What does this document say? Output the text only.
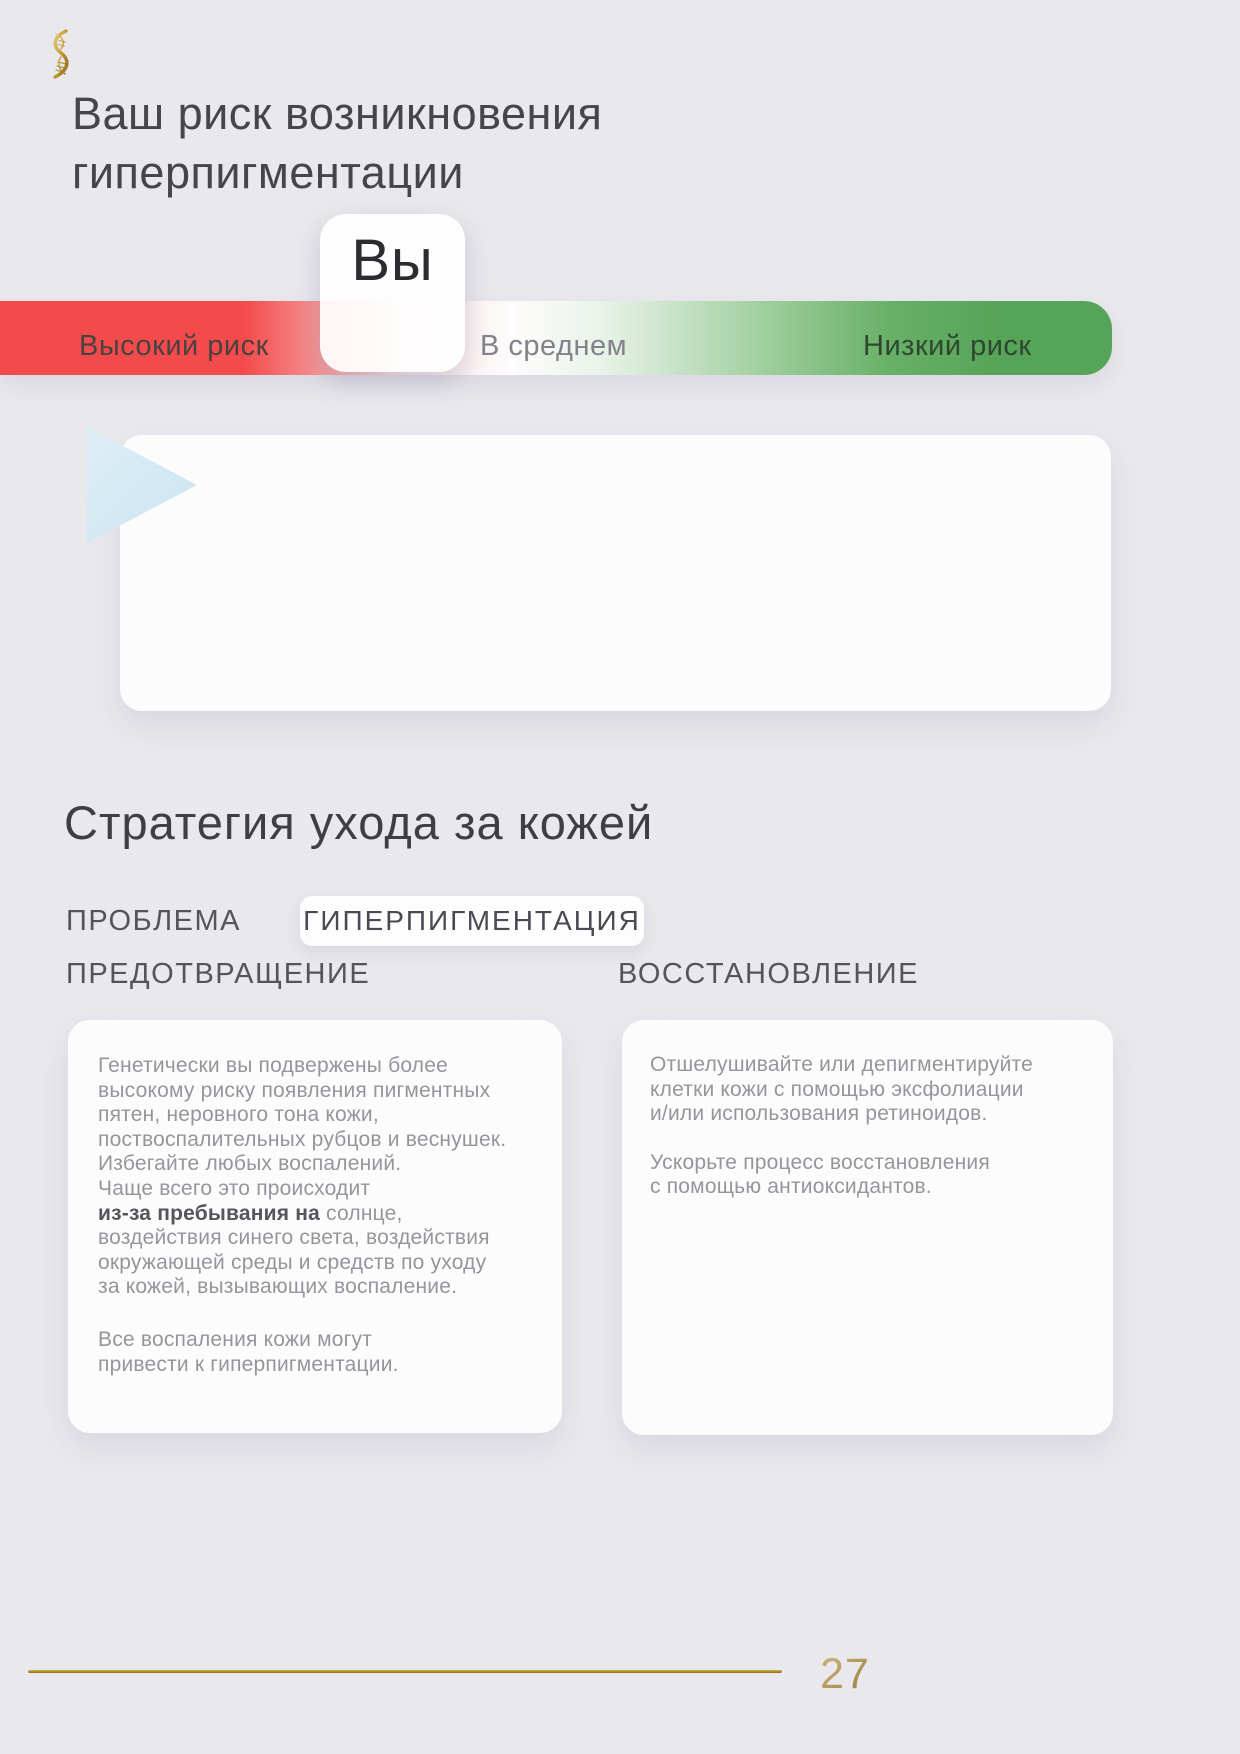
Ваш риск возникновения
гиперпигментации
Высокий риск	В среднем	Низкий риск
Вы
Стратегия ухода за кожей
ПРОБЛЕМА ГИПЕРПИГМЕНТАЦИЯ
ПРЕДОТВРАЩЕНИЕ	ВОССТАНОВЛЕНИЕ
Генетически вы подвержены более
высокому риску появления пигментных
пятен, неровного тона кожи,
поствоспалительных рубцов и веснушек.
Избегайте любых воспалений.
Чаще всего это происходит
из-за пребывания на солнце,
воздействия синего света, воздействия
окружающей среды и средств по уходу
за кожей, вызывающих воспаление.
Все воспаления кожи могут
привести к гиперпигментации.
Отшелушивайте или депигментируйте
клетки кожи с помощью эксфолиации
и/или использования ретиноидов.
Ускорьте процесс восстановления
с помощью антиоксидантов.
27
